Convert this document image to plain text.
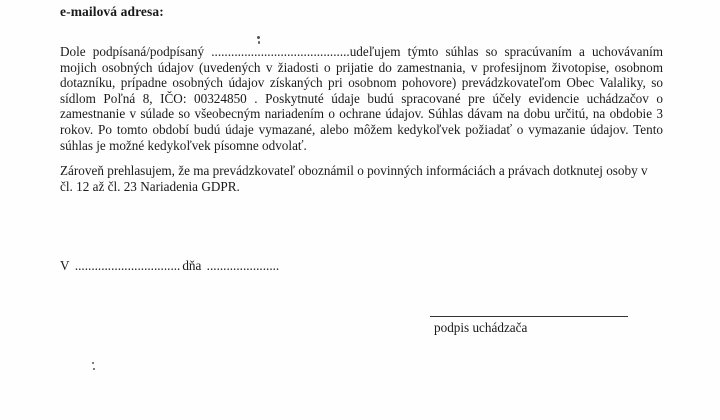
e-mailová adresa:

Dole podpísaná/podpísaný ..........................................udeľujem týmto súhlas so spracúvaním a uchovávaním mojich osobných údajov (uvedených v žiadosti o prijatie do zamestnania, v profesijnom životopise, osobnom dotazníku, prípadne osobných údajov získaných pri osobnom pohovore) prevádzkovateľom Obec Valaliky, so sídlom Poľná 8, IČO: 00324850 . Poskytnuté údaje budú spracované pre účely evidencie uchádzačov o zamestnanie v súlade so všeobecným nariadením o ochrane údajov. Súhlas dávam na dobu určitú, na obdobie 3 rokov. Po tomto období budú údaje vymazané, alebo môžem kedykoľvek požiadať o vymazanie údajov. Tento súhlas je možné kedykoľvek písomne odvolať.

Zároveň prehlasujem, že ma prevádzkovateľ oboznámil o povinných informáciách a právach dotknutej osoby v čl. 12 až čl. 23 Nariadenia GDPR.

V ................................ dňa ......................
podpis uchádzača
